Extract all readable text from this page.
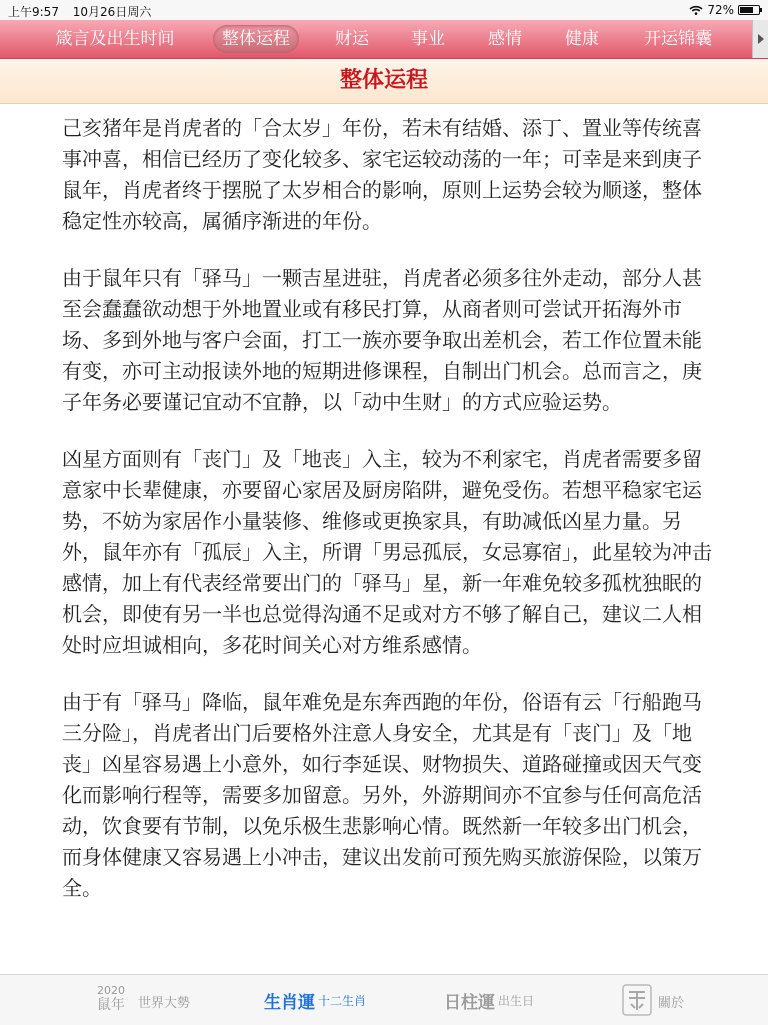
上午9:57 10月26日周六	72%
箴言及出生时间	整体运程	财运	事业	感情	健康	开运锦囊
整体运程

己亥猪年是肖虎者的「合太岁」年份，若未有结婚、添丁、置业等传统喜事冲喜，相信已经历了变化较多、家宅运较动荡的一年；可幸是来到庚子鼠年，肖虎者终于摆脱了太岁相合的影响，原则上运势会较为顺遂，整体稳定性亦较高，属循序渐进的年份。

由于鼠年只有「驿马」一颗吉星进驻，肖虎者必须多往外走动，部分人甚至会蠢蠢欲动想于外地置业或有移民打算，从商者则可尝试开拓海外市场、多到外地与客户会面，打工一族亦要争取出差机会，若工作位置未能有变，亦可主动报读外地的短期进修课程，自制出门机会。总而言之，庚子年务必要谨记宜动不宜静，以「动中生财」的方式应验运势。

凶星方面则有「丧门」及「地丧」入主，较为不利家宅，肖虎者需要多留意家中长辈健康，亦要留心家居及厨房陷阱，避免受伤。若想平稳家宅运势，不妨为家居作小量装修、维修或更换家具，有助减低凶星力量。另外，鼠年亦有「孤辰」入主，所谓「男忌孤辰，女忌寡宿」，此星较为冲击感情，加上有代表经常要出门的「驿马」星，新一年难免较多孤枕独眠的机会，即使有另一半也总觉得沟通不足或对方不够了解自己，建议二人相处时应坦诚相向，多花时间关心对方维系感情。

由于有「驿马」降临，鼠年难免是东奔西跑的年份，俗语有云「行船跑马三分险」，肖虎者出门后要格外注意人身安全，尤其是有「丧门」及「地丧」凶星容易遇上小意外，如行李延误、财物损失、道路碰撞或因天气变化而影响行程等，需要多加留意。另外，外游期间亦不宜参与任何高危活动，饮食要有节制，以免乐极生悲影响心情。既然新一年较多出门机会，而身体健康又容易遇上小冲击，建议出发前可预先购买旅游保险，以策万全。

2020
鼠年 世界大勢	生肖運 十二生肖	日柱運 出生日	關於
